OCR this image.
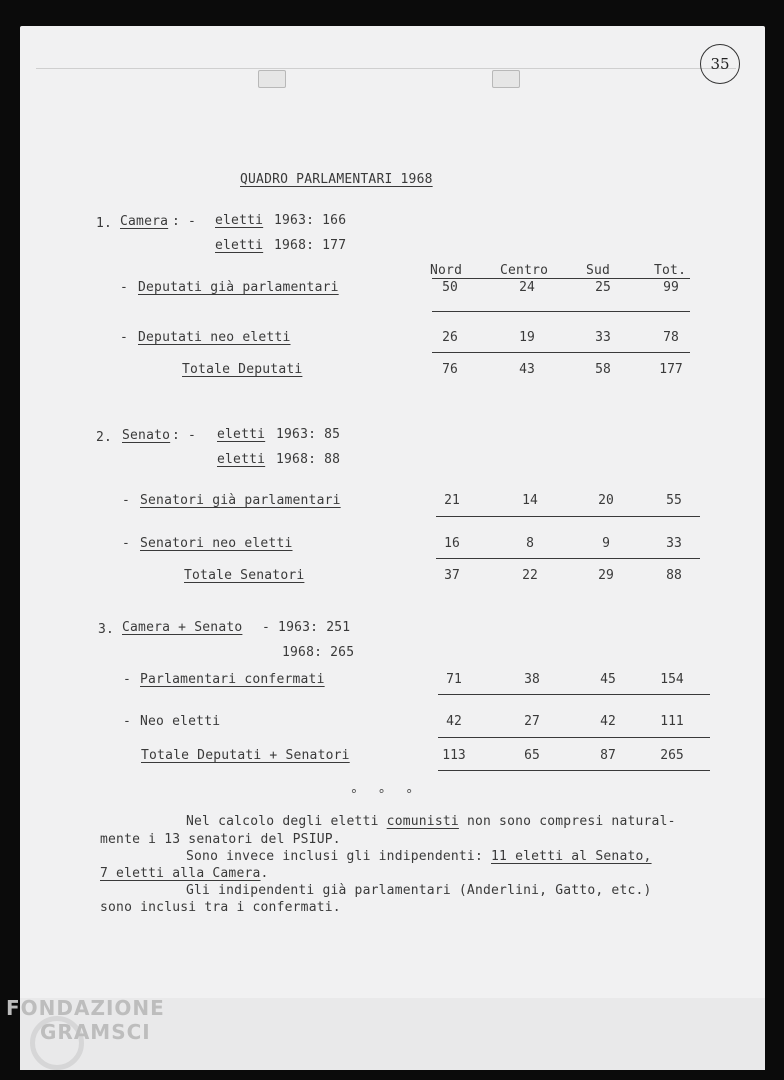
35
QUADRO PARLAMENTARI 1968
1. Camera : - eletti 1963: 166
eletti 1968: 177
Nord	Centro	Sud	Tot.
- Deputati già parlamentari	50	24	25	99
- Deputati neo eletti	26	19	33	78
Totale Deputati	76	43	58	177
2. Senato : - eletti 1963: 85
eletti 1968: 88
- Senatori già parlamentari	21	14	20	55
- Senatori neo eletti	16	8	9	33
Totale Senatori	37	22	29	88
3. Camera + Senato - 1963: 251
1968: 265
- Parlamentari confermati	71	38	45	154
- Neo eletti	42	27	42	111
Totale Deputati + Senatori	113	65	87	265
° ° °
Nel calcolo degli eletti comunisti non sono compresi natural-
mente i 13 senatori del PSIUP.
Sono invece inclusi gli indipendenti: 11 eletti al Senato,
7 eletti alla Camera.
Gli indipendenti già parlamentari (Anderlini, Gatto, etc.)
sono inclusi tra i confermati.
FONDAZIONE
GRAMSCI
